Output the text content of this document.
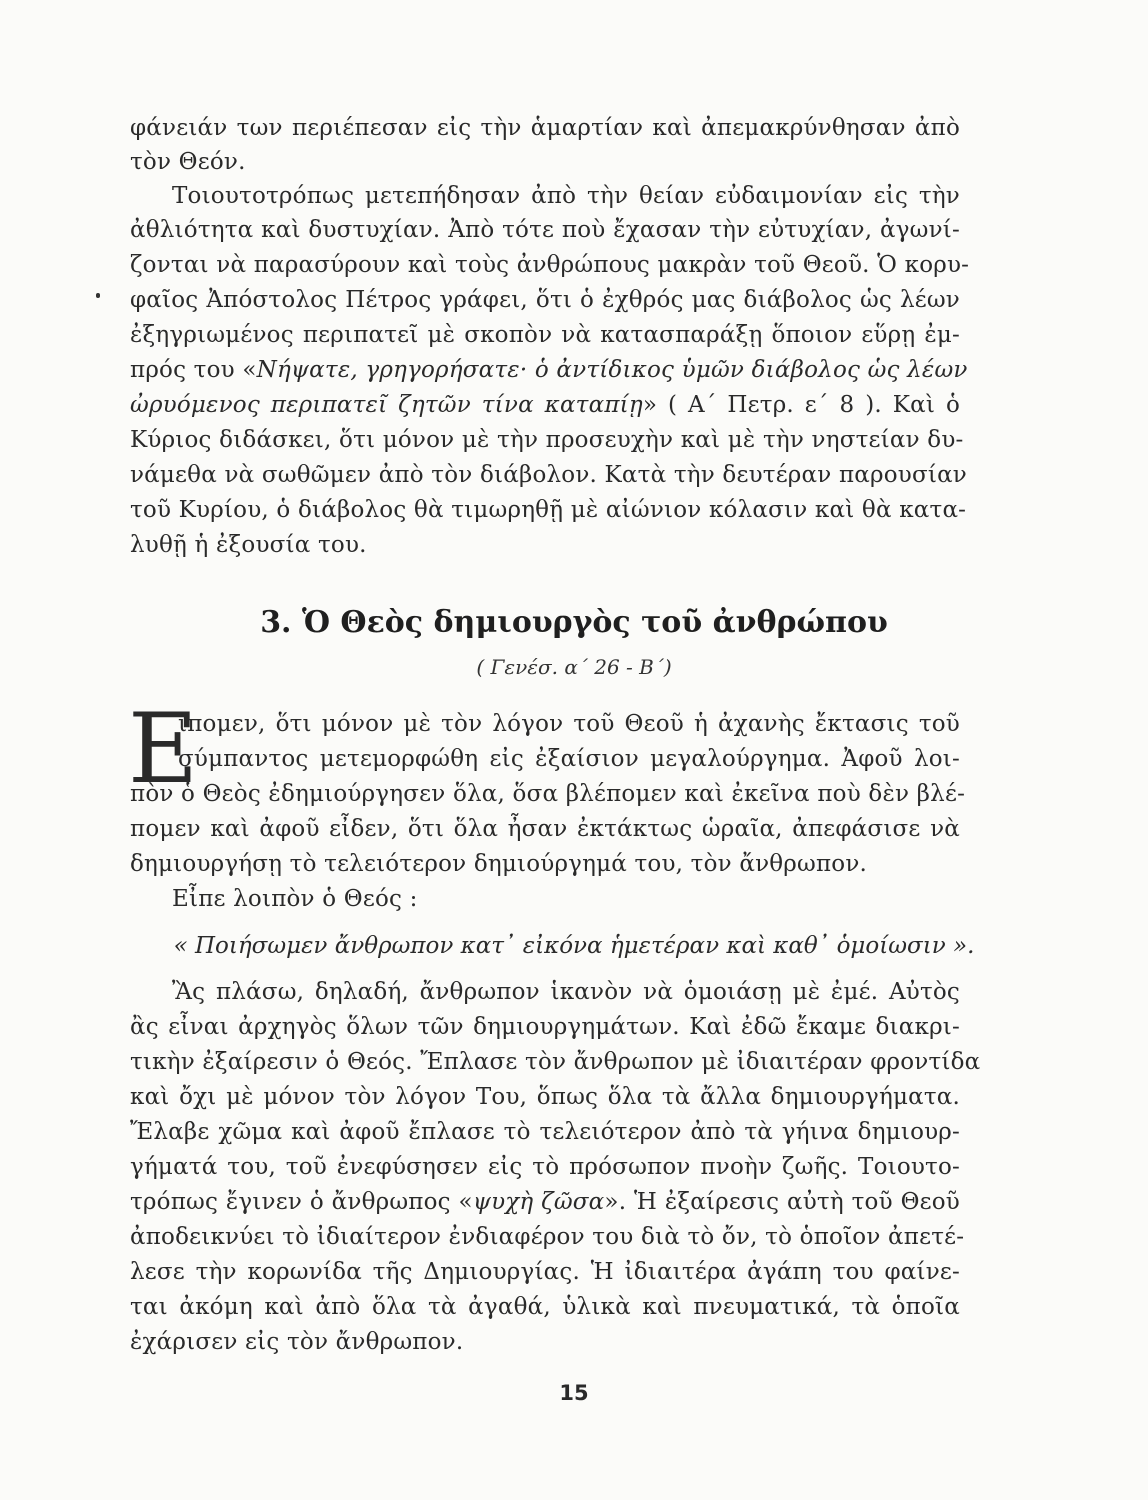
φάνειάν των περιέπεσαν εἰς τὴν ἁμαρτίαν καὶ ἀπεμακρύνθησαν ἀπὸ
τὸν Θεόν.
Τοιουτοτρόπως μετεπήδησαν ἀπὸ τὴν θείαν εὐδαιμονίαν εἰς τὴν
ἀθλιότητα καὶ δυστυχίαν. Ἀπὸ τότε ποὺ ἔχασαν τὴν εὐτυχίαν, ἀγωνί-
ζονται νὰ παρασύρουν καὶ τοὺς ἀνθρώπους μακρὰν τοῦ Θεοῦ. Ὁ κορυ-
φαῖος Ἀπόστολος Πέτρος γράφει, ὅτι ὁ ἐχθρός μας διάβολος ὡς λέων
ἐξηγριωμένος περιπατεῖ μὲ σκοπὸν νὰ κατασπαράξῃ ὅποιον εὕρῃ ἐμ-
πρός του «Νήψατε, γρηγορήσατε· ὁ ἀντίδικος ὑμῶν διάβολος ὡς λέων
ὠρυόμενος περιπατεῖ ζητῶν τίνα καταπίῃ» ( Α΄ Πετρ. ε΄ 8 ). Καὶ ὁ
Κύριος διδάσκει, ὅτι μόνον μὲ τὴν προσευχὴν καὶ μὲ τὴν νηστείαν δυ-
νάμεθα νὰ σωθῶμεν ἀπὸ τὸν διάβολον. Κατὰ τὴν δευτέραν παρουσίαν
τοῦ Κυρίου, ὁ διάβολος θὰ τιμωρηθῇ μὲ αἰώνιον κόλασιν καὶ θὰ κατα-
λυθῇ ἡ ἐξουσία του.
3. Ὁ Θεὸς δημιουργὸς τοῦ ἀνθρώπου
( Γενέσ. α΄ 26 - Β΄)
Ε
ἴπομεν, ὅτι μόνον μὲ τὸν λόγον τοῦ Θεοῦ ἡ ἀχανὴς ἔκτασις τοῦ
σύμπαντος μετεμορφώθη εἰς ἐξαίσιον μεγαλούργημα. Ἀφοῦ λοι-
πὸν ὁ Θεὸς ἐδημιούργησεν ὅλα, ὅσα βλέπομεν καὶ ἐκεῖνα ποὺ δὲν βλέ-
πομεν καὶ ἀφοῦ εἶδεν, ὅτι ὅλα ἦσαν ἐκτάκτως ὡραῖα, ἀπεφάσισε νὰ
δημιουργήσῃ τὸ τελειότερον δημιούργημά του, τὸν ἄνθρωπον.
Εἶπε λοιπὸν ὁ Θεός :
« Ποιήσωμεν ἄνθρωπον κατ᾿ εἰκόνα ἡμετέραν καὶ καθ᾿ ὁμοίωσιν ».
Ἂς πλάσω, δηλαδή, ἄνθρωπον ἱκανὸν νὰ ὁμοιάσῃ μὲ ἐμέ. Αὐτὸς
ἂς εἶναι ἀρχηγὸς ὅλων τῶν δημιουργημάτων. Καὶ ἐδῶ ἔκαμε διακρι-
τικὴν ἐξαίρεσιν ὁ Θεός. Ἔπλασε τὸν ἄνθρωπον μὲ ἰδιαιτέραν φροντίδα
καὶ ὄχι μὲ μόνον τὸν λόγον Του, ὅπως ὅλα τὰ ἄλλα δημιουργήματα.
Ἔλαβε χῶμα καὶ ἀφοῦ ἔπλασε τὸ τελειότερον ἀπὸ τὰ γήινα δημιουρ-
γήματά του, τοῦ ἐνεφύσησεν εἰς τὸ πρόσωπον πνοὴν ζωῆς. Τοιουτο-
τρόπως ἔγινεν ὁ ἄνθρωπος «ψυχὴ ζῶσα». Ἡ ἐξαίρεσις αὐτὴ τοῦ Θεοῦ
ἀποδεικνύει τὸ ἰδιαίτερον ἐνδιαφέρον του διὰ τὸ ὄν, τὸ ὁποῖον ἀπετέ-
λεσε τὴν κορωνίδα τῆς Δημιουργίας. Ἡ ἰδιαιτέρα ἀγάπη του φαίνε-
ται ἀκόμη καὶ ἀπὸ ὅλα τὰ ἀγαθά, ὑλικὰ καὶ πνευματικά, τὰ ὁποῖα
ἐχάρισεν εἰς τὸν ἄνθρωπον.
15
